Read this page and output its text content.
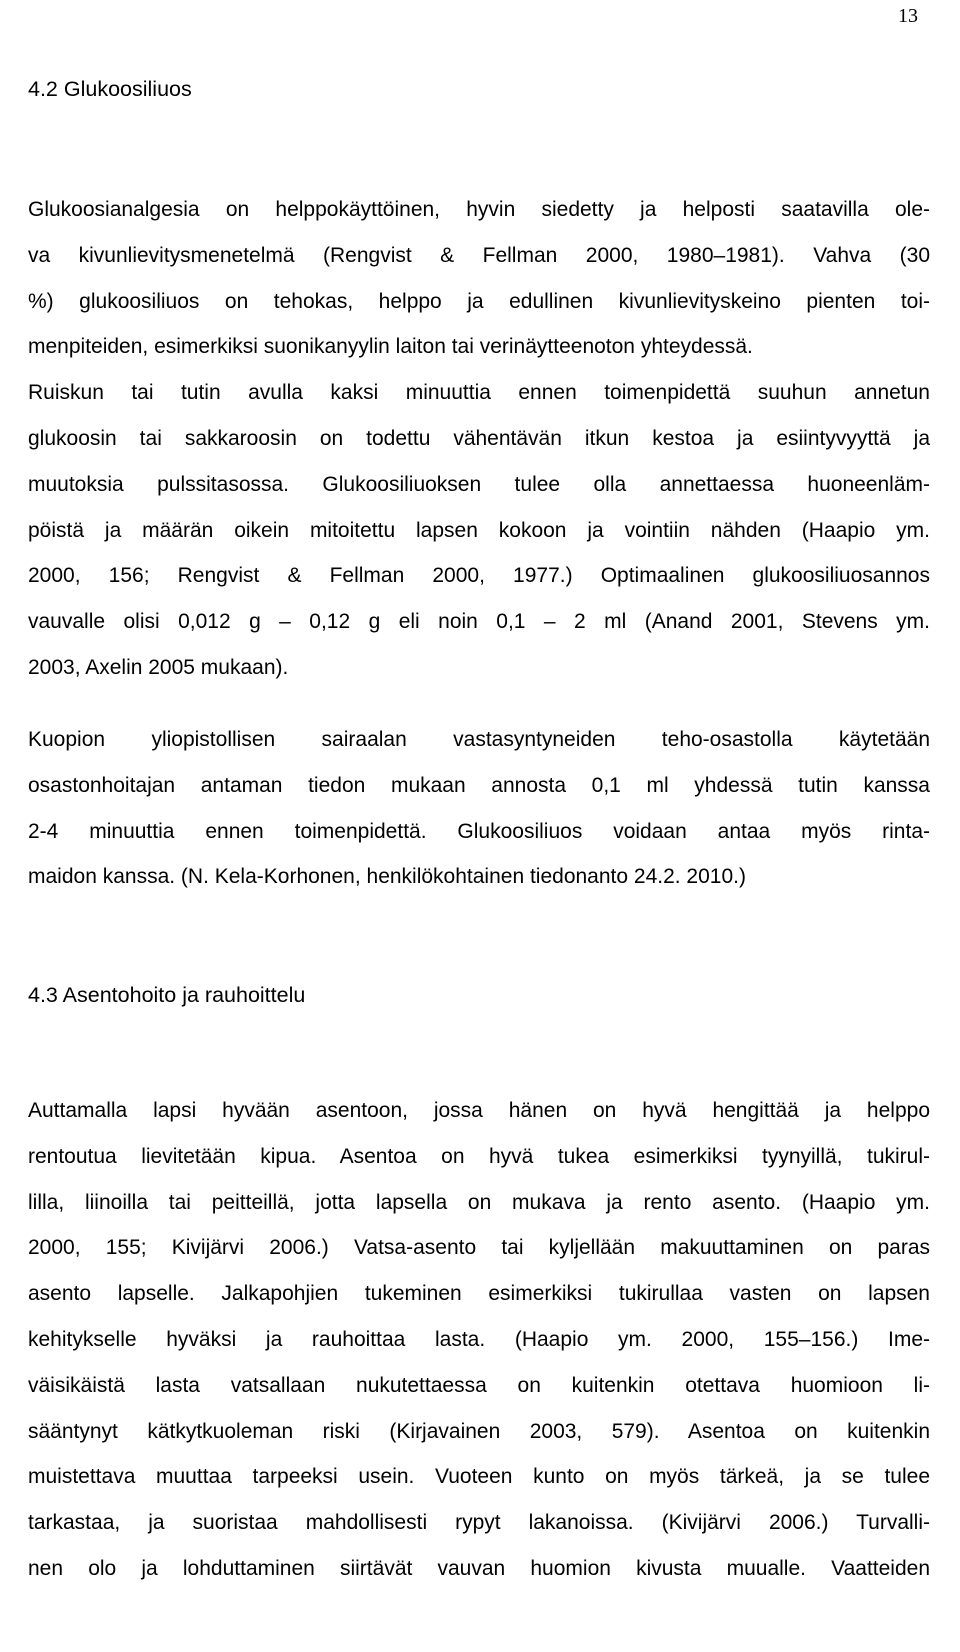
13
4.2 Glukoosiliuos
Glukoosianalgesia on helppokäyttöinen, hyvin siedetty ja helposti saatavilla ole-
va kivunlievitysmenetelmä (Rengvist & Fellman 2000, 1980–1981). Vahva (30
%) glukoosiliuos on tehokas, helppo ja edullinen kivunlievityskeino pienten toi-
menpiteiden, esimerkiksi suonikanyylin laiton tai verinäytteenoton yhteydessä.
Ruiskun tai tutin avulla kaksi minuuttia ennen toimenpidettä suuhun annetun
glukoosin tai sakkaroosin on todettu vähentävän itkun kestoa ja esiintyvyyttä ja
muutoksia pulssitasossa. Glukoosiliuoksen tulee olla annettaessa huoneenläm-
pöistä ja määrän oikein mitoitettu lapsen kokoon ja vointiin nähden (Haapio ym.
2000, 156; Rengvist & Fellman 2000, 1977.) Optimaalinen glukoosiliuosannos
vauvalle olisi 0,012 g – 0,12 g eli noin 0,1 – 2 ml (Anand 2001, Stevens ym.
2003, Axelin 2005 mukaan).
Kuopion yliopistollisen sairaalan vastasyntyneiden teho-osastolla käytetään
osastonhoitajan antaman tiedon mukaan annosta 0,1 ml yhdessä tutin kanssa
2-4 minuuttia ennen toimenpidettä. Glukoosiliuos voidaan antaa myös rinta-
maidon kanssa. (N. Kela-Korhonen, henkilökohtainen tiedonanto 24.2. 2010.)
4.3 Asentohoito ja rauhoittelu
Auttamalla lapsi hyvään asentoon, jossa hänen on hyvä hengittää ja helppo
rentoutua lievitetään kipua. Asentoa on hyvä tukea esimerkiksi tyynyillä, tukirul-
lilla, liinoilla tai peitteillä, jotta lapsella on mukava ja rento asento. (Haapio ym.
2000, 155; Kivijärvi 2006.) Vatsa-asento tai kyljellään makuuttaminen on paras
asento lapselle. Jalkapohjien tukeminen esimerkiksi tukirullaa vasten on lapsen
kehitykselle hyväksi ja rauhoittaa lasta. (Haapio ym. 2000, 155–156.) Ime-
väisikäistä lasta vatsallaan nukutettaessa on kuitenkin otettava huomioon li-
sääntynyt kätkytkuoleman riski (Kirjavainen 2003, 579). Asentoa on kuitenkin
muistettava muuttaa tarpeeksi usein. Vuoteen kunto on myös tärkeä, ja se tulee
tarkastaa, ja suoristaa mahdollisesti rypyt lakanoissa. (Kivijärvi 2006.) Turvalli-
nen olo ja lohduttaminen siirtävät vauvan huomion kivusta muualle. Vaatteiden
